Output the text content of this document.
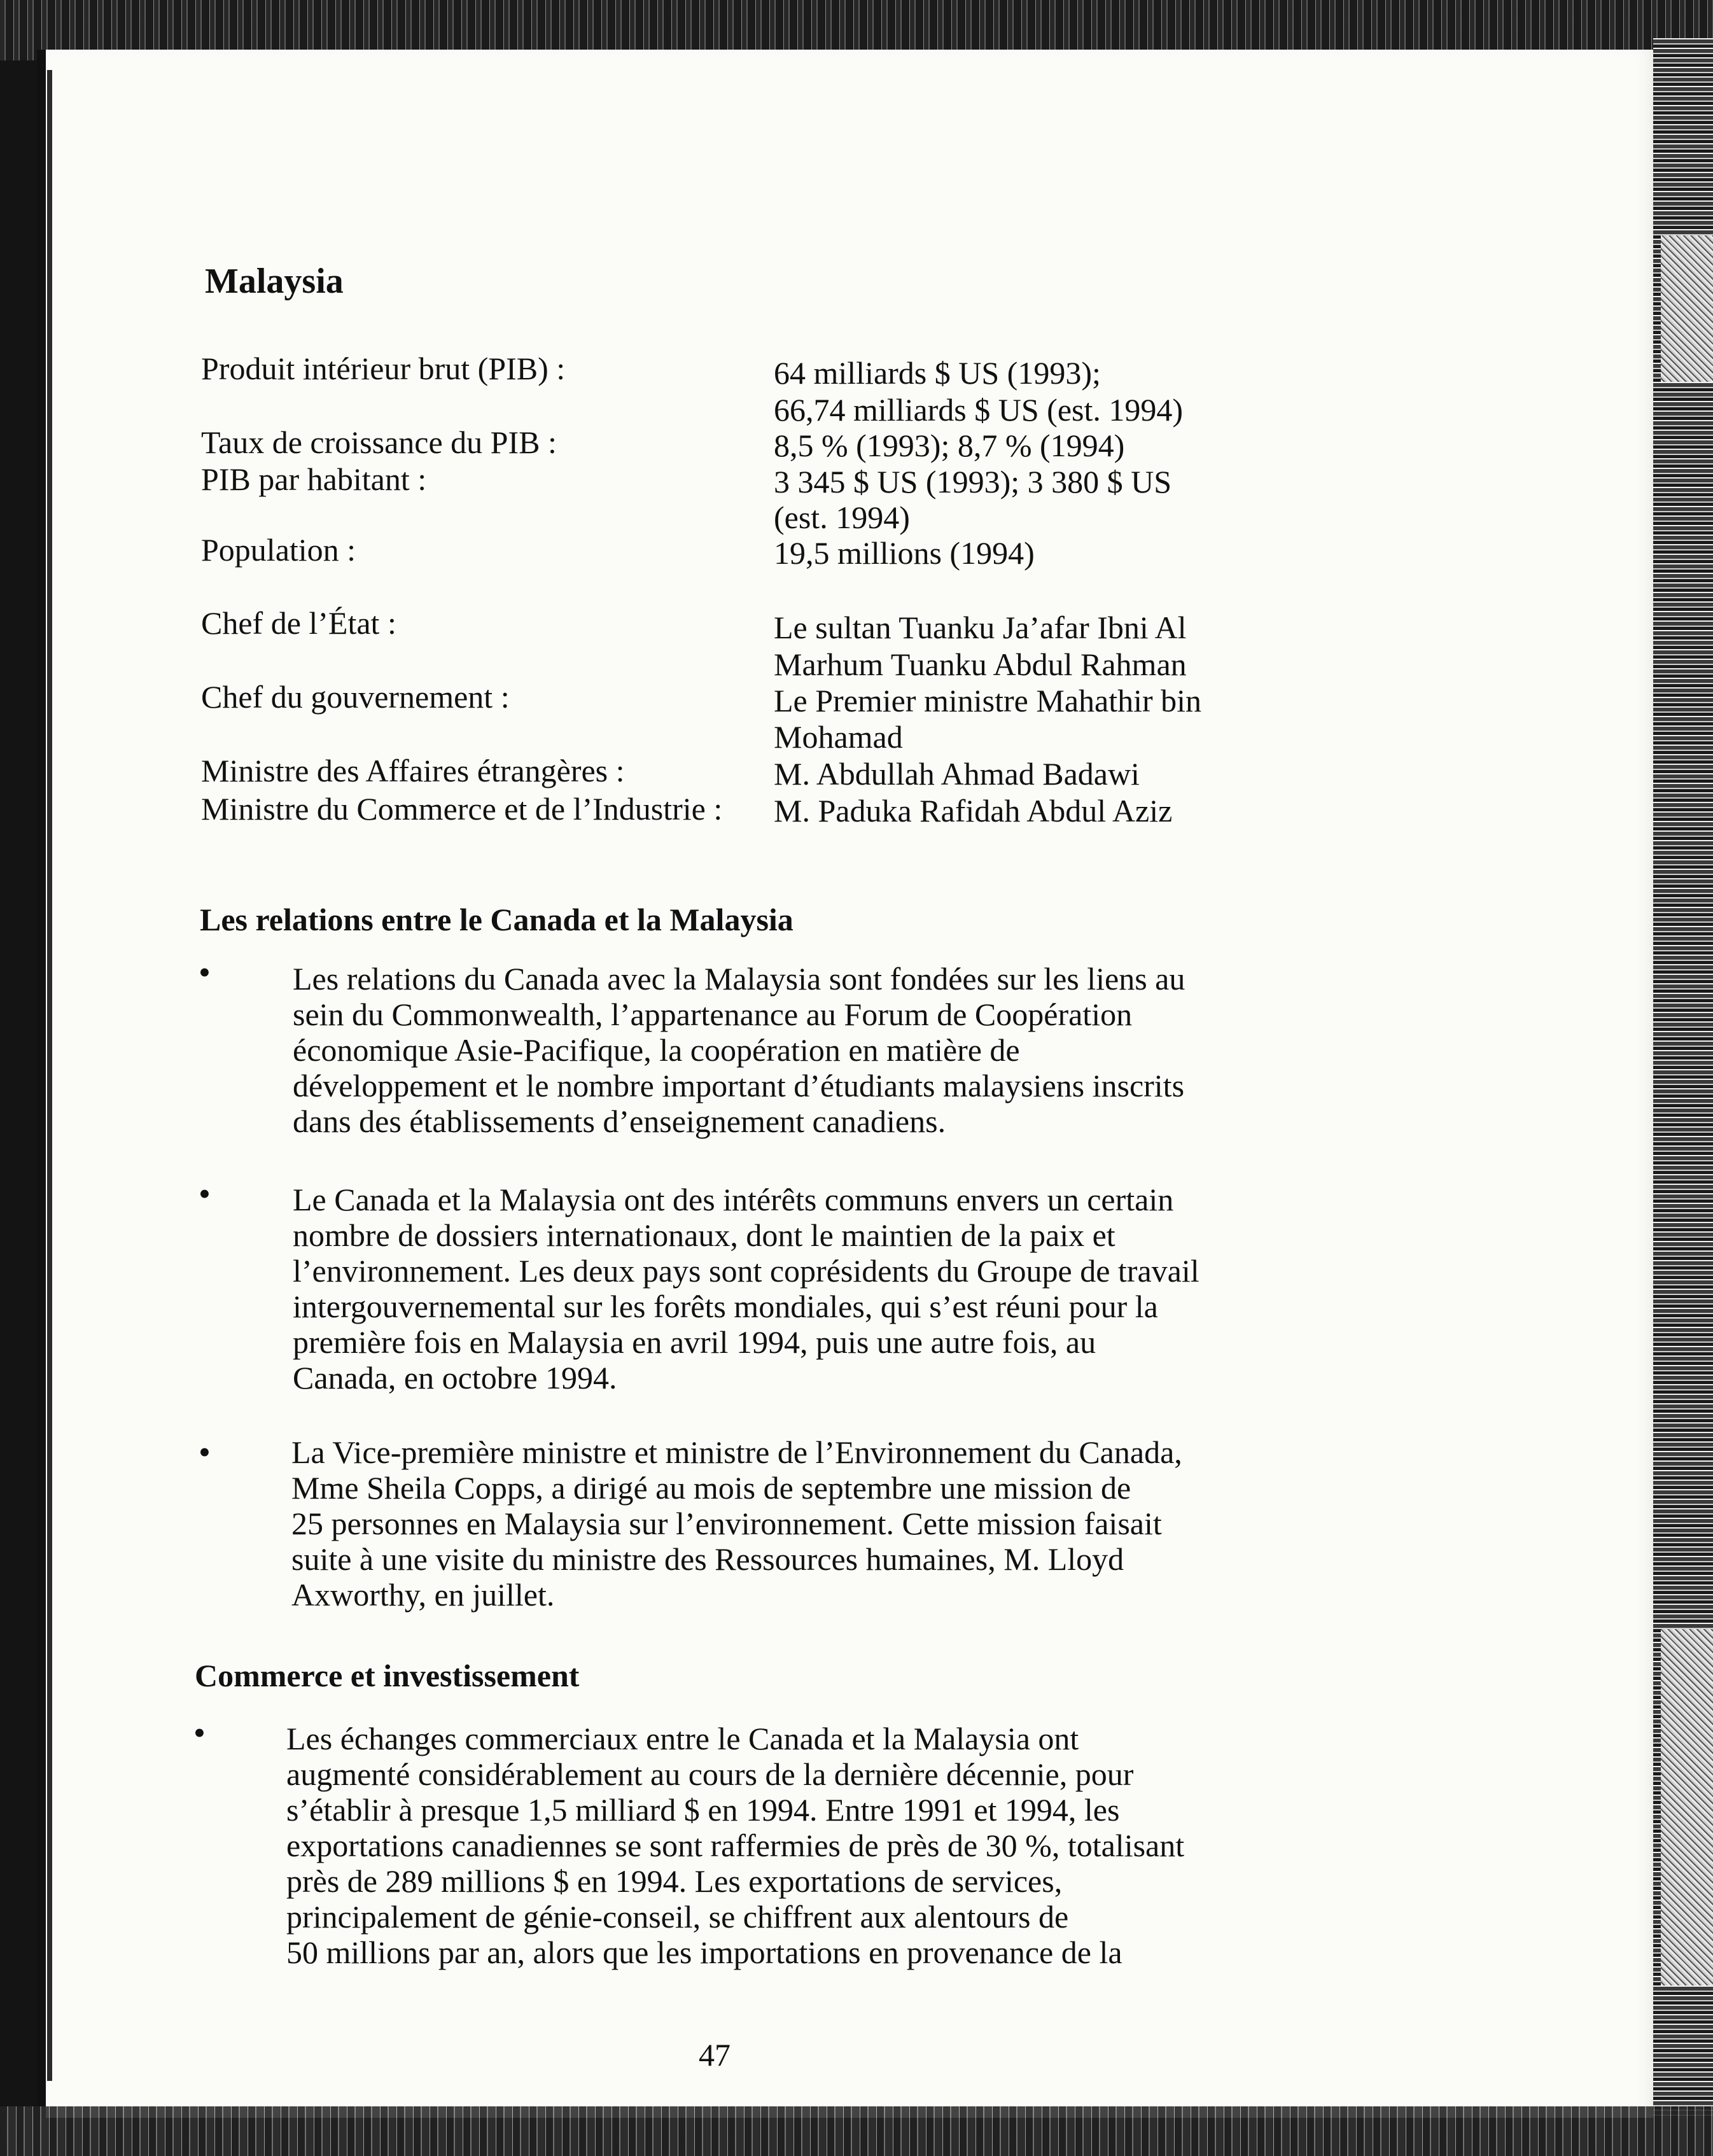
Malaysia
Produit intérieur brut (PIB) :	64 milliards $ US (1993);
66,74 milliards $ US (est. 1994)
Taux de croissance du PIB :	8,5 % (1993); 8,7 % (1994)
PIB par habitant :	3 345 $ US (1993); 3 380 $ US
(est. 1994)
Population :	19,5 millions (1994)
Chef de l’État :	Le sultan Tuanku Ja’afar Ibni Al
Marhum Tuanku Abdul Rahman
Chef du gouvernement :	Le Premier ministre Mahathir bin
Mohamad
Ministre des Affaires étrangères :	M. Abdullah Ahmad Badawi
Ministre du Commerce et de l’Industrie : M. Paduka Rafidah Abdul Aziz
Les relations entre le Canada et la Malaysia
•	Les relations du Canada avec la Malaysia sont fondées sur les liens au
sein du Commonwealth, l’appartenance au Forum de Coopération
économique Asie-Pacifique, la coopération en matière de
développement et le nombre important d’étudiants malaysiens inscrits
dans des établissements d’enseignement canadiens.
•	Le Canada et la Malaysia ont des intérêts communs envers un certain
nombre de dossiers internationaux, dont le maintien de la paix et
l’environnement. Les deux pays sont coprésidents du Groupe de travail
intergouvernemental sur les forêts mondiales, qui s’est réuni pour la
première fois en Malaysia en avril 1994, puis une autre fois, au
Canada, en octobre 1994.
•	La Vice-première ministre et ministre de l’Environnement du Canada,
Mme Sheila Copps, a dirigé au mois de septembre une mission de
25 personnes en Malaysia sur l’environnement. Cette mission faisait
suite à une visite du ministre des Ressources humaines, M. Lloyd
Axworthy, en juillet.
Commerce et investissement
•	Les échanges commerciaux entre le Canada et la Malaysia ont
augmenté considérablement au cours de la dernière décennie, pour
s’établir à presque 1,5 milliard $ en 1994. Entre 1991 et 1994, les
exportations canadiennes se sont raffermies de près de 30 %, totalisant
près de 289 millions $ en 1994. Les exportations de services,
principalement de génie-conseil, se chiffrent aux alentours de
50 millions par an, alors que les importations en provenance de la
47
